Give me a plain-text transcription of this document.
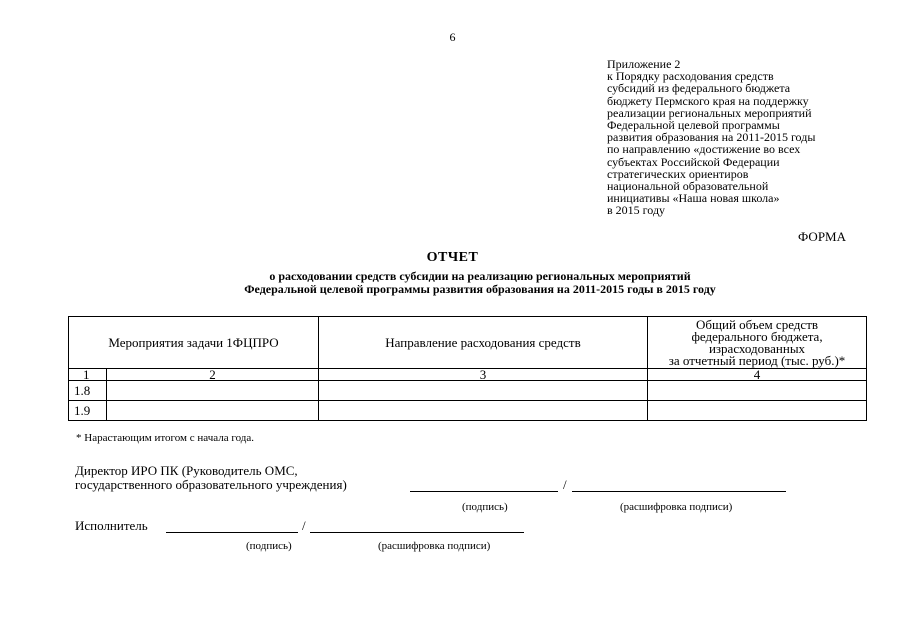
6
Приложение 2
к Порядку расходования средств
субсидий из федерального бюджета
бюджету Пермского края на поддержку
реализации региональных мероприятий
Федеральной целевой программы
развития образования на 2011-2015 годы
по направлению «достижение во всех
субъектах Российской Федерации
стратегических ориентиров
национальной образовательной
инициативы «Наша новая школа»
в 2015 году
ФОРМА
ОТЧЕТ
о расходовании средств субсидии на реализацию региональных мероприятий
Федеральной целевой программы развития образования на 2011-2015 годы в 2015 году
Мероприятия задачи 1ФЦПРО		Направление расходования средств	Общий объем средств
федерального бюджета,
израсходованных
за отчетный период (тыс. руб.)*

1	2	3	4
1.8			
1.9			
* Нарастающим итогом с начала года.
Директор ИРО ПК (Руководитель ОМС,
государственного образовательного учреждения)	/
(подпись)	(расшифровка подписи)
Исполнитель	/
(подпись)	(расшифровка подписи)
